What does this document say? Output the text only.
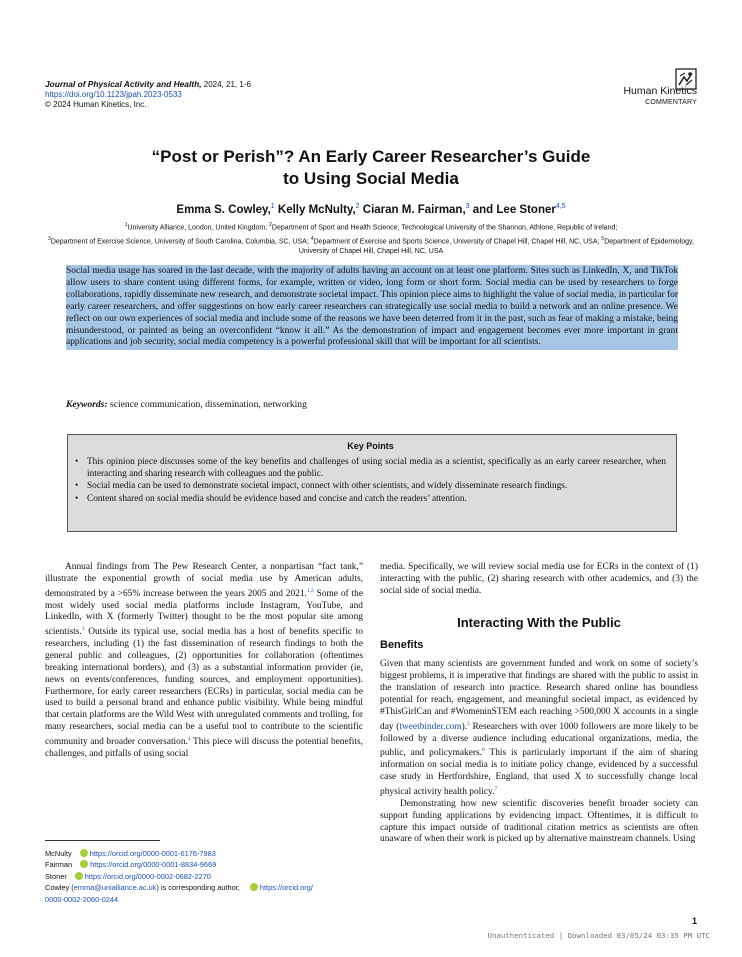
Journal of Physical Activity and Health, 2024, 21, 1-6
https://doi.org/10.1123/jpah.2023-0533
© 2024 Human Kinetics, Inc.
Human Kinetics
COMMENTARY
“Post or Perish”? An Early Career Researcher’s Guide
to Using Social Media
Emma S. Cowley,$^1$ Kelly McNulty,$^2$ Ciaran M. Fairman,$^3$ and Lee Stoner$^{4,5}$
$^1$University Alliance, London, United Kingdom; $^2$Department of Sport and Health Science, Technological University of the Shannon, Athlone, Republic of Ireland;
$^3$Department of Exercise Science, University of South Carolina, Columbia, SC, USA; $^4$Department of Exercise and Sports Science, University of Chapel Hill, Chapel Hill, NC, USA; $^5$Department of Epidemiology, University of Chapel Hill, Chapel Hill, NC, USA
Social media usage has soared in the last decade, with the majority of adults having an account on at least one platform. Sites such as LinkedIn, X, and TikTok allow users to share content using different forms, for example, written or video, long form or short form. Social media can be used by researchers to forge collaborations, rapidly disseminate new research, and demonstrate societal impact. This opinion piece aims to highlight the value of social media, in particular for early career researchers, and offer suggestions on how early career researchers can strategically use social media to build a network and an online presence. We reflect on our own experiences of social media and include some of the reasons we have been deterred from it in the past, such as fear of making a mistake, being misunderstood, or painted as being an overconfident “know it all.” As the demonstration of impact and engagement becomes ever more important in grant applications and job security, social media competency is a powerful professional skill that will be important for all scientists.
Keywords: science communication, dissemination, networking
Key Points
• This opinion piece discusses some of the key benefits and challenges of using social media as a scientist, specifically as an early career researcher, when interacting and sharing research with colleagues and the public.
• Social media can be used to demonstrate societal impact, connect with other scientists, and widely disseminate research findings.
• Content shared on social media should be evidence based and concise and catch the readers’ attention.

Annual findings from The Pew Research Center, a nonpartisan “fact tank,” illustrate the exponential growth of social media use by American adults, demonstrated by a >65% increase between the years 2005 and 2021.$^{1,2}$ Some of the most widely used social media platforms include Instagram, YouTube, and LinkedIn, with X (formerly Twitter) thought to be the most popular site among scientists.$^3$ Outside its typical use, social media has a host of benefits specific to researchers, including (1) the fast dissemination of research findings to both the general public and colleagues, (2) opportunities for collaboration (oftentimes breaking international borders), and (3) as a substantial information provider (ie, news on events/conferences, funding sources, and employment opportunities). Furthermore, for early career researchers (ECRs) in particular, social media can be used to build a personal brand and enhance public visibility. While being mindful that certain platforms are the Wild West with unregulated comments and trolling, for many researchers, social media can be a useful tool to contribute to the scientific community and broader conversation.$^4$ This piece will discuss the potential benefits, challenges, and pitfalls of using social

media. Specifically, we will review social media use for ECRs in the context of (1) interacting with the public, (2) sharing research with other academics, and (3) the social side of social media.

Interacting With the Public
Benefits

Given that many scientists are government funded and work on some of society’s biggest problems, it is imperative that findings are shared with the public to assist in the translation of research into practice. Research shared online has boundless potential for reach, engagement, and meaningful societal impact, as evidenced by #ThisGirlCan and #WomeninSTEM each reaching >500,000 X accounts in a single day (tweetbinder.com).$^5$ Researchers with over 1000 followers are more likely to be followed by a diverse audience including educational organizations, media, the public, and policymakers.$^6$ This is particularly important if the aim of sharing information on social media is to initiate policy change, evidenced by a successful case study in Hertfordshire, England, that used X to successfully change local physical activity health policy.$^7$

Demonstrating how new scientific discoveries benefit broader society can support funding applications by evidencing impact. Oftentimes, it is difficult to capture this impact outside of traditional citation metrics as scientists are often unaware of when their work is picked up by alternative mainstream channels. Using

McNulty https://orcid.org/0000-0001-6176-7983
Fairman https://orcid.org/0000-0001-8834-9669
Stoner https://orcid.org/0000-0002-0682-2270
Cowley (emma@unialliance.ac.uk) is corresponding author, https://orcid.org/
0000-0002-2060-0244
1
Unauthenticated | Downloaded 03/05/24 03:35 PM UTC
